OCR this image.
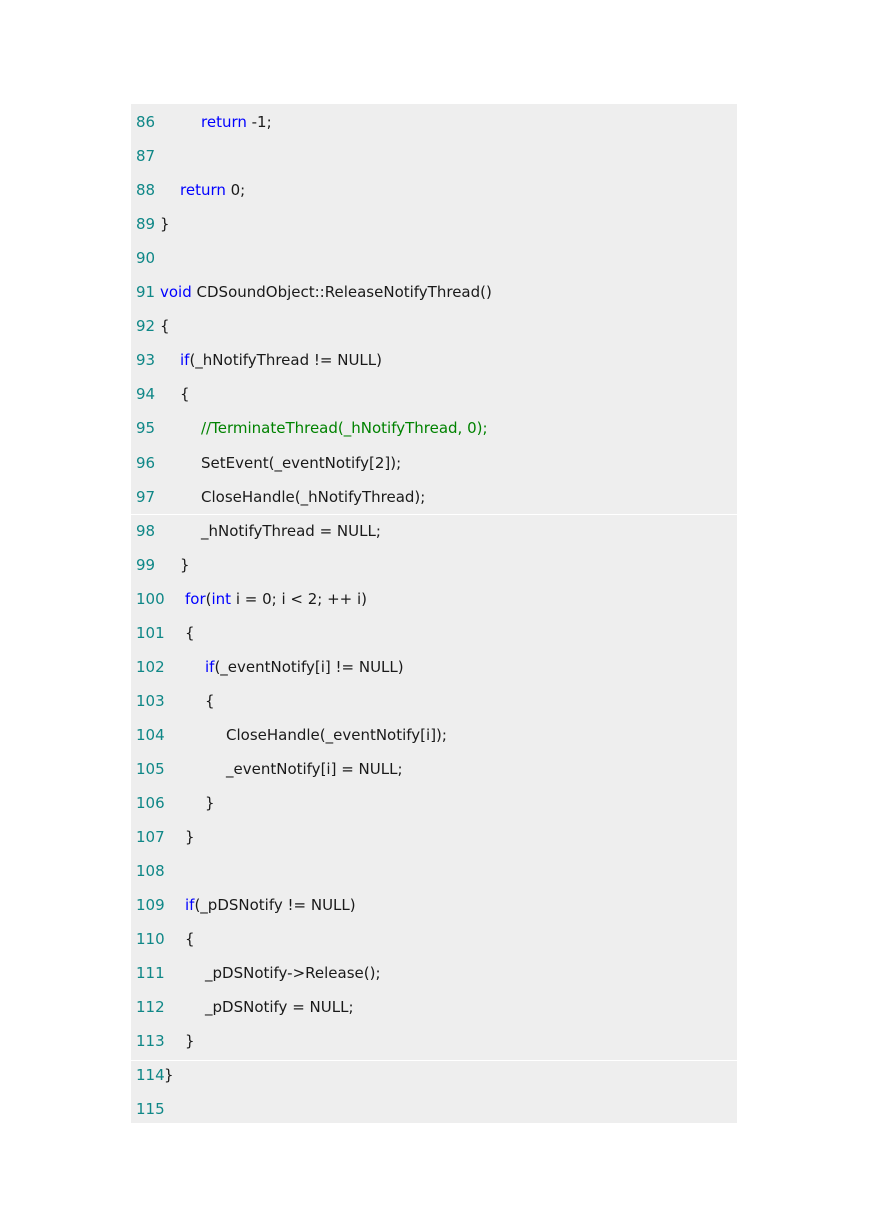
86	return -1;
87
88 return 0;
89 }
90
91 void CDSoundObject::ReleaseNotifyThread()
92 {
93 if(_hNotifyThread != NULL)
94 {
95	//TerminateThread(_hNotifyThread, 0);
96	SetEvent(_eventNotify[2]);
97	CloseHandle(_hNotifyThread);
98	_hNotifyThread = NULL;
99 }
100 for(int i = 0; i < 2; ++ i)
101 {
102	if(_eventNotify[i] != NULL)
103	{
104	CloseHandle(_eventNotify[i]);
105	_eventNotify[i] = NULL;
106	}
107 }
108
109 if(_pDSNotify != NULL)
110 {
111	_pDSNotify->Release();
112	_pDSNotify = NULL;
113 }
114}
115
